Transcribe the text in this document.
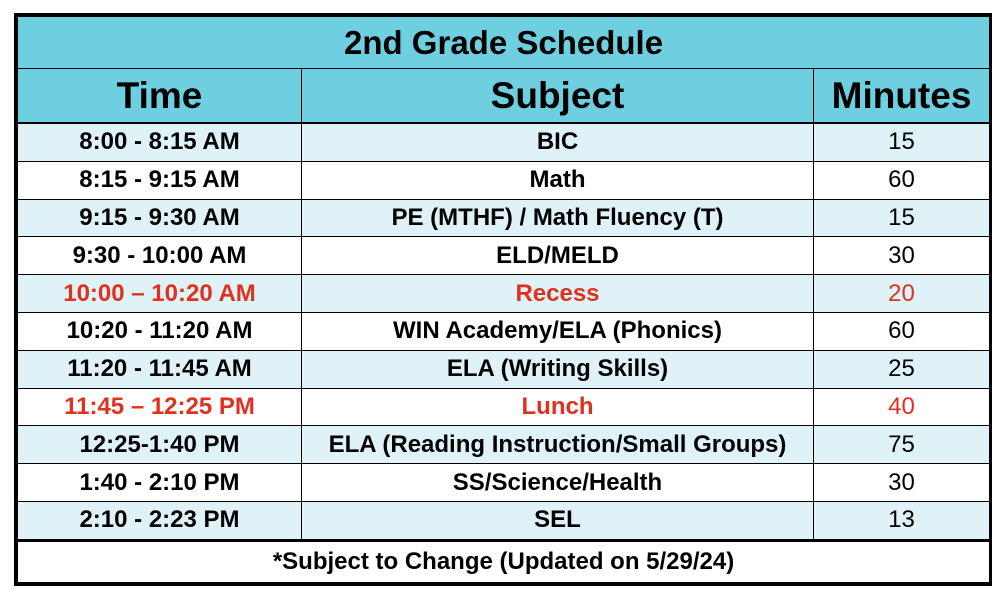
2nd Grade Schedule		
Time	Subject	Minutes
8:00 - 8:15 AM	BIC	15
8:15 - 9:15 AM	Math	60
9:15 - 9:30 AM	PE (MTHF) / Math Fluency (T)	15
9:30 - 10:00 AM	ELD/MELD	30
10:00 – 10:20 AM	Recess	20
10:20 - 11:20 AM	WIN Academy/ELA (Phonics)	60
11:20 - 11:45 AM	ELA (Writing Skills)	25
11:45 – 12:25 PM	Lunch	40
12:25-1:40 PM	ELA (Reading Instruction/Small Groups)	75
1:40 - 2:10 PM	SS/Science/Health	30
2:10 - 2:23 PM	SEL	13
*Subject to Change (Updated on 5/29/24)		
